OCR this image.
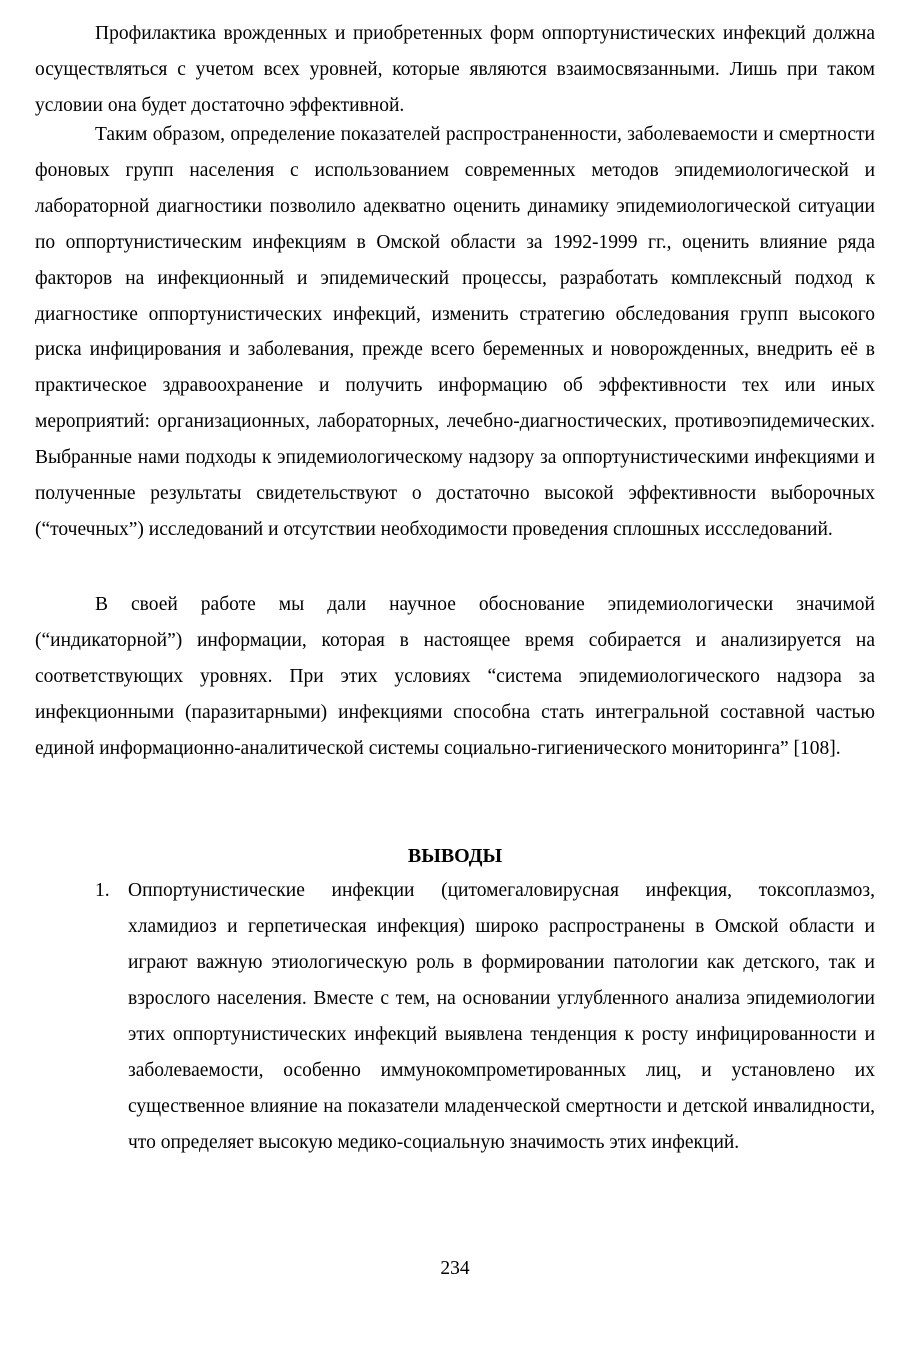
Профилактика врожденных и приобретенных форм оппортунистических инфекций должна осуществляться с учетом всех уровней, которые являются взаимосвязанными. Лишь при таком условии она будет достаточно эффективной.

Таким образом, определение показателей распространенности, заболеваемости и смертности фоновых групп населения с использованием современных методов эпидемиологической и лабораторной диагностики позволило адекватно оценить динамику эпидемиологической ситуации по оппортунистическим инфекциям в Омской области за 1992-1999 гг., оценить влияние ряда факторов на инфекционный и эпидемический процессы, разработать комплексный подход к диагностике оппортунистических инфекций, изменить стратегию обследования групп высокого риска инфицирования и заболевания, прежде всего беременных и новорожденных, внедрить её в практическое здравоохранение и получить информацию об эффективности тех или иных мероприятий: организационных, лабораторных, лечебно-диагностических, противоэпидемических. Выбранные нами подходы к эпидемиологическому надзору за оппортунистическими инфекциями и полученные результаты свидетельствуют о достаточно высокой эффективности выборочных (“точечных”) исследований и отсутствии необходимости проведения сплошных иссследований.

В своей работе мы дали научное обоснование эпидемиологически значимой (“индикаторной”) информации, которая в настоящее время собирается и анализируется на соответствующих уровнях. При этих условиях “система эпидемиологического надзора за инфекционными (паразитарными) инфекциями способна стать интегральной составной частью единой информационно-аналитической системы социально-гигиенического мониторинга” [108].

ВЫВОДЫ
1. Оппортунистические инфекции (цитомегаловирусная инфекция, токсоплазмоз, хламидиоз и герпетическая инфекция) широко распространены в Омской области и играют важную этиологическую роль в формировании патологии как детского, так и взрослого населения. Вместе с тем, на основании углубленного анализа эпидемиологии этих оппортунистических инфекций выявлена тенденция к росту инфицированности и заболеваемости, особенно иммунокомпрометированных лиц, и установлено их существенное влияние на показатели младенческой смертности и детской инвалидности, что определяет высокую медико-социальную значимость этих инфекций.

234
